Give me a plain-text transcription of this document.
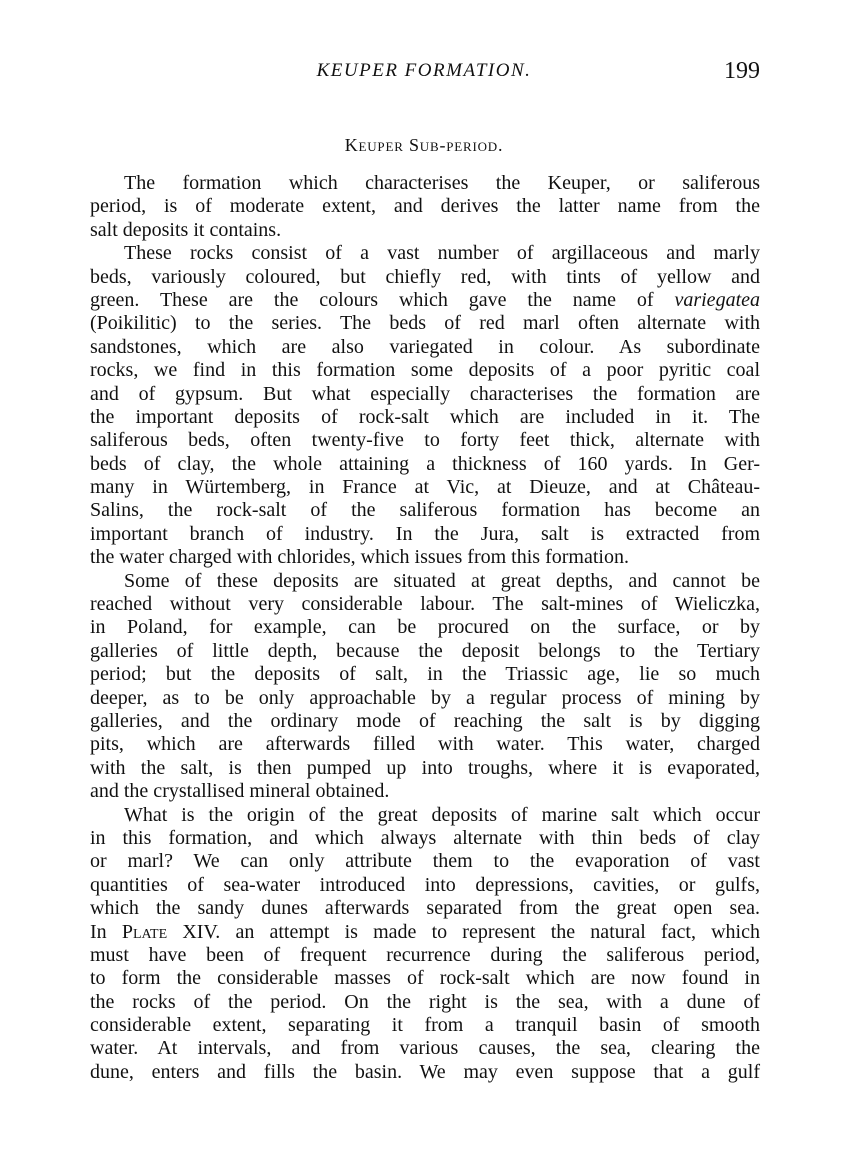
KEUPER FORMATION.	199
Keuper Sub-period.
The formation which characterises the Keuper, or saliferous
period, is of moderate extent, and derives the latter name from the
salt deposits it contains.
These rocks consist of a vast number of argillaceous and marly
beds, variously coloured, but chiefly red, with tints of yellow and
green. These are the colours which gave the name of variegatea
(Poikilitic) to the series. The beds of red marl often alternate with
sandstones, which are also variegated in colour. As subordinate
rocks, we find in this formation some deposits of a poor pyritic coal
and of gypsum. But what especially characterises the formation are
the important deposits of rock-salt which are included in it. The
saliferous beds, often twenty-five to forty feet thick, alternate with
beds of clay, the whole attaining a thickness of 160 yards. In Ger-
many in Würtemberg, in France at Vic, at Dieuze, and at Château-
Salins, the rock-salt of the saliferous formation has become an
important branch of industry. In the Jura, salt is extracted from
the water charged with chlorides, which issues from this formation.
Some of these deposits are situated at great depths, and cannot be
reached without very considerable labour. The salt-mines of Wieliczka,
in Poland, for example, can be procured on the surface, or by
galleries of little depth, because the deposit belongs to the Tertiary
period; but the deposits of salt, in the Triassic age, lie so much
deeper, as to be only approachable by a regular process of mining by
galleries, and the ordinary mode of reaching the salt is by digging
pits, which are afterwards filled with water. This water, charged
with the salt, is then pumped up into troughs, where it is evaporated,
and the crystallised mineral obtained.
What is the origin of the great deposits of marine salt which occur
in this formation, and which always alternate with thin beds of clay
or marl? We can only attribute them to the evaporation of vast
quantities of sea-water introduced into depressions, cavities, or gulfs,
which the sandy dunes afterwards separated from the great open sea.
In Plate XIV. an attempt is made to represent the natural fact, which
must have been of frequent recurrence during the saliferous period,
to form the considerable masses of rock-salt which are now found in
the rocks of the period. On the right is the sea, with a dune of
considerable extent, separating it from a tranquil basin of smooth
water. At intervals, and from various causes, the sea, clearing the
dune, enters and fills the basin. We may even suppose that a gulf
